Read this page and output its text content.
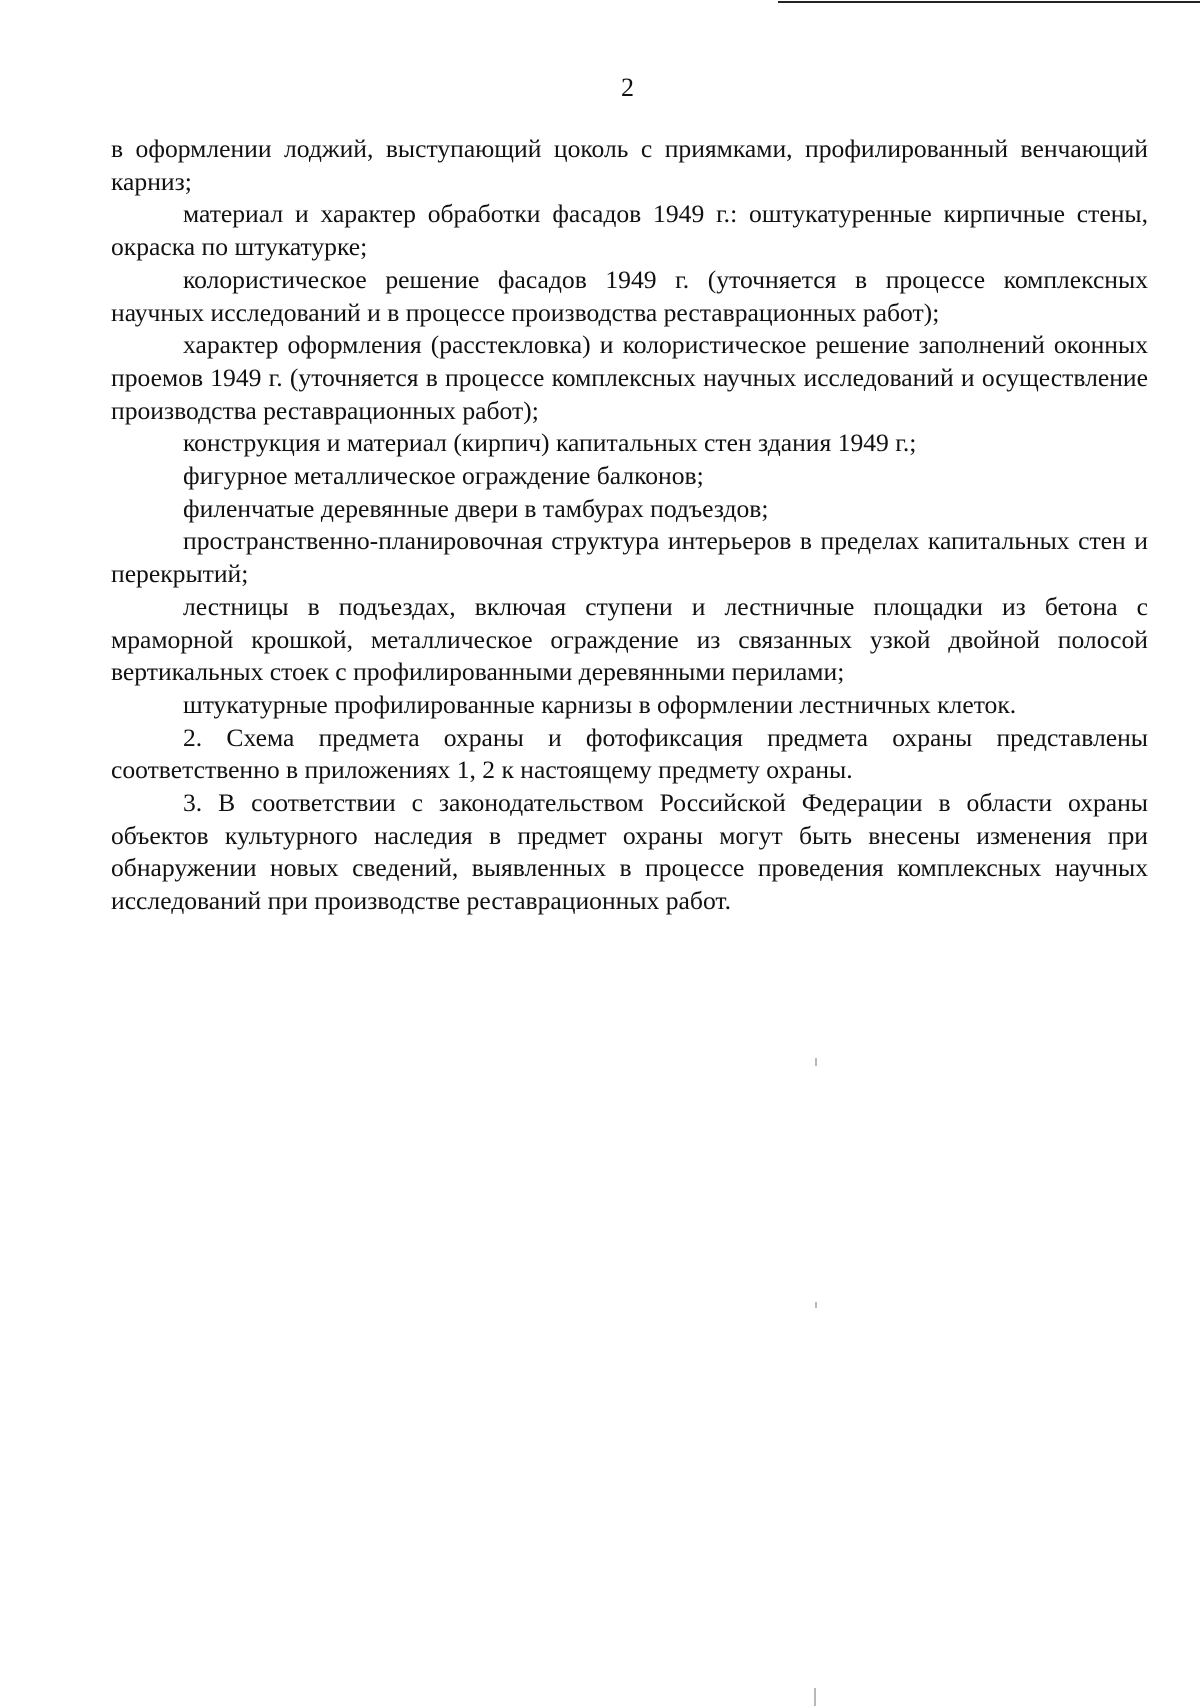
2

в оформлении лоджий, выступающий цоколь с приямками, профилированный венчающий карниз;

материал и характер обработки фасадов 1949 г.: оштукатуренные кирпичные стены, окраска по штукатурке;

колористическое решение фасадов 1949 г. (уточняется в процессе комплексных научных исследований и в процессе производства реставрационных работ);

характер оформления (расстекловка) и колористическое решение заполнений оконных проемов 1949 г. (уточняется в процессе комплексных научных исследований и осуществление производства реставрационных работ);

конструкция и материал (кирпич) капитальных стен здания 1949 г.;

фигурное металлическое ограждение балконов;

филенчатые деревянные двери в тамбурах подъездов;

пространственно-планировочная структура интерьеров в пределах капитальных стен и перекрытий;

лестницы в подъездах, включая ступени и лестничные площадки из бетона с мраморной крошкой, металлическое ограждение из связанных узкой двойной полосой вертикальных стоек с профилированными деревянными перилами;

штукатурные профилированные карнизы в оформлении лестничных клеток.

2. Схема предмета охраны и фотофиксация предмета охраны представлены соответственно в приложениях 1, 2 к настоящему предмету охраны.

3. В соответствии с законодательством Российской Федерации в области охраны объектов культурного наследия в предмет охраны могут быть внесены изменения при обнаружении новых сведений, выявленных в процессе проведения комплексных научных исследований при производстве реставрационных работ.
